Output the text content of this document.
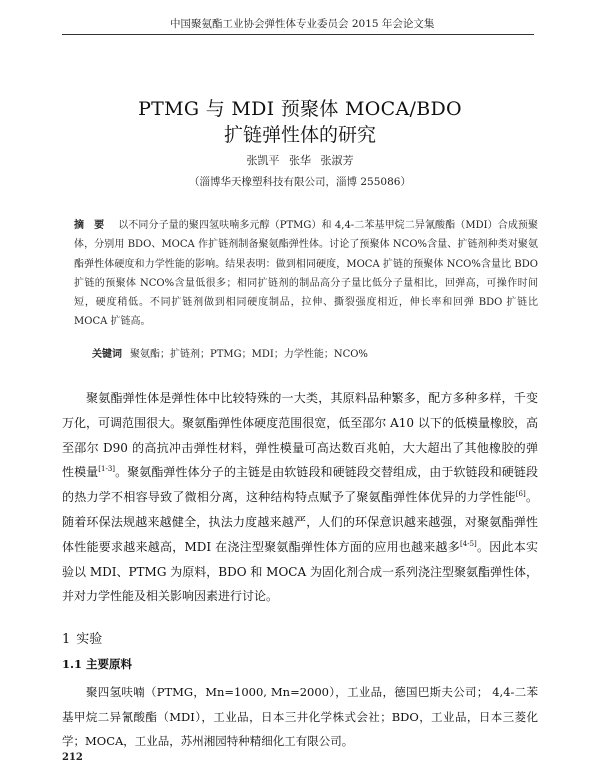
中国聚氨酯工业协会弹性体专业委员会 2015 年会论文集
PTMG 与 MDI 预聚体 MOCA/BDO
扩链弹性体的研究
张凯平 张华 张淑芳
（淄博华天橡塑科技有限公司，淄博 255086）
摘要 以不同分子量的聚四氢呋喃多元醇（PTMG）和 4,4-二苯基甲烷二异氰酸酯（MDI）合成预聚体，分别用 BDO、MOCA 作扩链剂制备聚氨酯弹性体。讨论了预聚体 NCO%含量、扩链剂种类对聚氨酯弹性体硬度和力学性能的影响。结果表明：做到相同硬度，MOCA 扩链的预聚体 NCO%含量比 BDO 扩链的预聚体 NCO%含量低很多；相同扩链剂的制品高分子量比低分子量相比，回弹高，可操作时间短，硬度稍低。不同扩链剂做到相同硬度制品，拉伸、撕裂强度相近，伸长率和回弹 BDO 扩链比 MOCA 扩链高。
关键词 聚氨酯；扩链剂；PTMG；MDI；力学性能；NCO%

聚氨酯弹性体是弹性体中比较特殊的一大类，其原料品种繁多，配方多种多样，千变万化，可调范围很大。聚氨酯弹性体硬度范围很宽，低至邵尔 A10 以下的低模量橡胶，高至邵尔 D90 的高抗冲击弹性材料，弹性模量可高达数百兆帕，大大超出了其他橡胶的弹性模量[1-3]。聚氨酯弹性体分子的主链是由软链段和硬链段交替组成，由于软链段和硬链段的热力学不相容导致了微相分离，这种结构特点赋予了聚氨酯弹性体优异的力学性能[6]。随着环保法规越来越健全，执法力度越来越严，人们的环保意识越来越强，对聚氨酯弹性体性能要求越来越高，MDI 在浇注型聚氨酯弹性体方面的应用也越来越多[4-5]。因此本实验以 MDI、PTMG 为原料，BDO 和 MOCA 为固化剂合成一系列浇注型聚氨酯弹性体，并对力学性能及相关影响因素进行讨论。

1 实验
1.1 主要原料
聚四氢呋喃（PTMG，Mn=1000, Mn=2000），工业品，德国巴斯夫公司； 4,4-二苯基甲烷二异氰酸酯（MDI），工业品，日本三井化学株式会社；BDO，工业品，日本三菱化学；MOCA，工业品，苏州湘园特种精细化工有限公司。
212
